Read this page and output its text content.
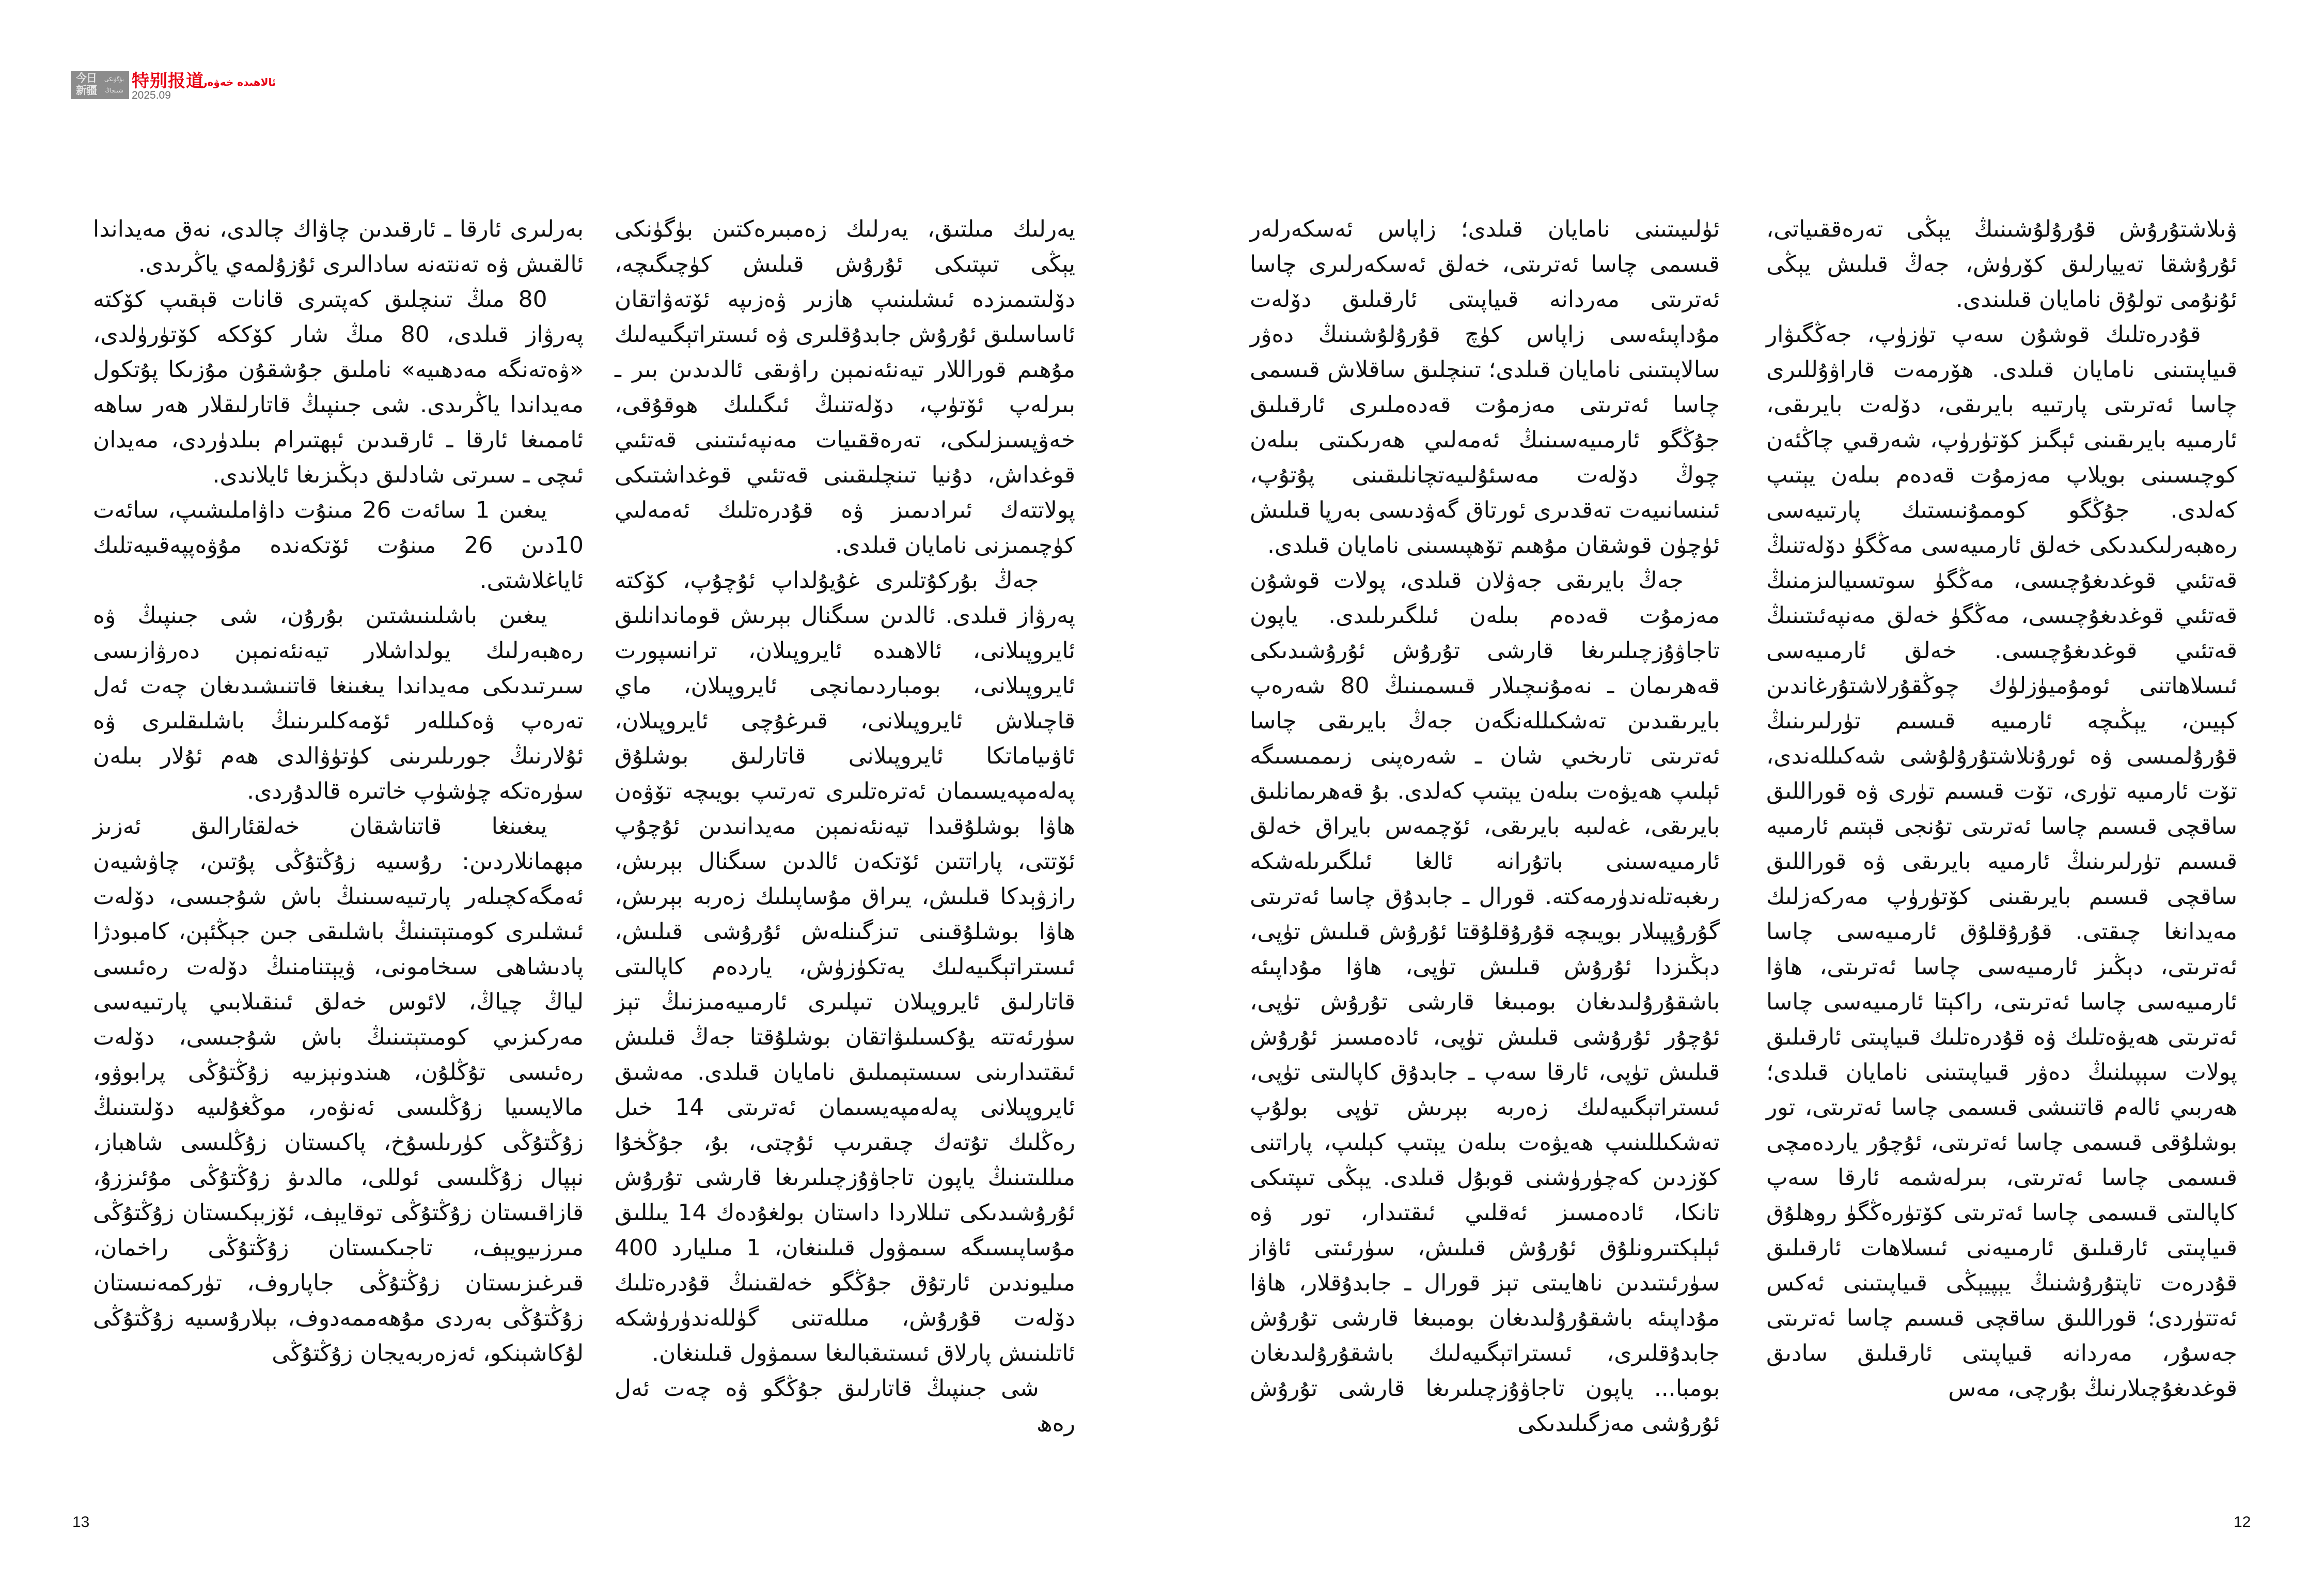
今日新疆
بۈگۈنكى شىنجاڭ 特别报道
ئالاھىدە خەۋەر
2025.09

بەرلىرى ئارقا ـ ئارقىدىن چاۋاك چالدى، نەق مەيداندا ئالقىش ۋە تەنتەنە سادالىرى ئۇزۇلمەي ياڭرىدى.

80 مىڭ تىنچلىق كەپتىرى قانات قېقىپ كۆكتە پەرۋاز قىلدى، 80 مىڭ شار كۆككە كۆتۈرۈلدى، «ۋەتەنگە مەدھىيە» ناملىق جۇشقۇن مۇزىكا پۇتكول مەيداندا ياڭرىدى. شى جىنپىڭ قاتارلىقلار ھەر ساھە ئاممىغا ئارقا ـ ئارقىدىن ئېھتىرام بىلدۈردى، مەيدان ئىچى ـ سىرتى شادلىق دېڭىزىغا ئايلاندى.

يىغىن 1 سائەت 26 مىنۇت داۋاملىشىپ، سائەت 10دىن 26 مىنۇت ئۆتكەندە مۇۋەپپەقىيەتلىك ئاياغلاشتى.

يىغىن باشلىنىشتىن بۇرۇن، شى جىنپىڭ ۋە رەھبەرلىك يولداشلار تيەنئەنمېن دەرۋازىسى سىرتىدىكى مەيداندا يىغىنغا قاتنىشىدىغان چەت ئەل تەرەپ ۋەكىللەر ئۆمەكلىرىنىڭ باشلىقلىرى ۋە ئۇلارنىڭ جورىلىرىنى كۈتۈۋالدى ھەم ئۇلار بىلەن سۈرەتكە چۈشۈپ خاتىرە قالدۇردى.

يىغىنغا قاتناشقان خەلقئارالىق ئەزىز مېھمانلاردىن: رۇسىيە زۇڭتۇڭى پۇتىن، چاۋشيەن ئەمگەكچىلەر پارتىيەسىنىڭ باش شۇجىسى، دۆلەت ئىشلىرى كومىتېتىنىڭ باشلىقى جىن جېڭئېن، كامبودژا پادىشاھى سىخامونى، ۋيېتنامنىڭ دۆلەت رەئىسى لياڭ چياڭ، لائوس خەلق ئىنقىلابىي پارتىيەسى مەركىزىي كومىتېتىنىڭ باش شۇجىسى، دۆلەت رەئىسى تۇڭلۇن، ھىندونېزىيە زۇڭتۇڭى پرابوۋو، مالايسىيا زۇڭلىسى ئەنۋەر، موڭغۇلىيە دۆلىتىنىڭ زۇڭتۇڭى كۈرىلسۇخ، پاكىستان زۇڭلىسى شاھباز، نېپال زۇڭلىسى ئوللى، مالدىۋ زۇڭتۇڭى مۇئىززۇ، قازاقىستان زۇڭتۇڭى توقايېف، ئۆزبېكىستان زۇڭتۇڭى مىرزىيويېف، تاجىكىستان زۇڭتۇڭى راخمان، قىرغىزىستان زۇڭتۇڭى جاپاروف، تۈركمەنىستان زۇڭتۇڭى بەردى مۇھەممەدوف، بېلارۇسىيە زۇڭتۇڭى لۇكاشېنكو، ئەزەربەيجان زۇڭتۇڭى

يەرلىك مىلتىق، يەرلىك زەمبىرەكتىن بۈگۈنكى يېڭى تىپتىكى ئۇرۇش قىلىش كۈچىگىچە، دۆلىتىمىزدە ئىشلىنىپ ھازىر ۋەزىپە ئۆتەۋاتقان ئاساسلىق ئۇرۇش جابدۇقلىرى ۋە ئىستراتېگىيەلىك مۇھىم قوراللار تيەنئەنمېن راۋىقى ئالدىدىن بىر ـ بىرلەپ ئۆتۈپ، دۆلەتنىڭ ئىگىلىك ھوقۇقى، خەۋپسىزلىكى، تەرەققىيات مەنپەئىتىنى قەتئىي قوغداش، دۇنيا تىنچلىقىنى قەتئىي قوغداشتىكى پولاتتەك ئىرادىمىز ۋە قۇدرەتلىك ئەمەلىي كۈچىمىزنى نامايان قىلدى.

جەڭ بۇركۇتلىرى غۇيۇلداپ ئۇچۇپ، كۆكتە پەرۋاز قىلدى. ئالدىن سىگنال بېرىش قوماندانلىق ئايروپىلانى، ئالاھىدە ئايروپىلان، ترانسپورت ئايروپىلانى، بومباردىمانچى ئايروپىلان، ماي قاچىلاش ئايروپىلانى، قىرغۇچى ئايروپىلان، ئاۋىياماتكا ئايروپىلانى قاتارلىق بوشلۇق پەلەمپەيسىمان ئەترەتلىرى تەرتىپ بويىچە تۆۋەن ھاۋا بوشلۇقىدا تيەنئەنمېن مەيدانىدىن ئۇچۇپ ئۆتتى، پاراتتىن ئۆتكەن ئالدىن سىگنال بېرىش، رازۋېدكا قىلىش، يىراق مۇساپىلىك زەربە بېرىش، ھاۋا بوشلۇقىنى تىزگىنلەش ئۇرۇشى قىلىش، ئىستراتېگىيەلىك يەتكۈزۈش، ياردەم كاپالىتى قاتارلىق ئايروپىلان تىپلىرى ئارمىيەمىزنىڭ تېز سۈرئەتتە يۇكسىلىۋاتقان بوشلۇقتا جەڭ قىلىش ئىقتىدارىنى سىستېمىلىق نامايان قىلدى. مەشىق ئايروپىلانى پەلەمپەيسىمان ئەترىتى 14 خىل رەڭلىك تۇتەك چىقىرىپ ئۇچتى، بۇ، جۇڭخۇا مىللىتىنىڭ ياپون تاجاۋۇزچىلىرىغا قارشى تۇرۇش ئۇرۇشىدىكى تىللاردا داستان بولغۇدەك 14 يىللىق مۇساپىسىگە سىمۋول قىلىنغان، 1 مىليارد 400 مىليوندىن ئارتۇق جۇڭگو خەلقىنىڭ قۇدرەتلىك دۆلەت قۇرۇش، مىللەتنى گۈللەندۈرۈشكە ئاتلىنىش پارلاق ئىستىقبالىغا سىمۋول قىلىنغان.

شى جىنپىڭ قاتارلىق جۇڭگو ۋە چەت ئەل رەھ

ئۈلىيىتىنى نامايان قىلدى؛ زاپاس ئەسكەرلەر قىسمى چاسا ئەترىتى، خەلق ئەسكەرلىرى چاسا ئەترىتى مەردانە قىياپىتى ئارقىلىق دۆلەت مۇداپىئەسى زاپاس كۈچ قۇرۇلۇشىنىڭ دەۋر سالاپىتىنى نامايان قىلدى؛ تىنچلىق ساقلاش قىسمى چاسا ئەترىتى مەزمۇت قەدەملىرى ئارقىلىق جۇڭگو ئارمىيەسىنىڭ ئەمەلىي ھەرىكىتى بىلەن چوڭ دۆلەت مەسئۇلىيەتچانلىقىنى پۇتۇپ، ئىنسانىيەت تەقدىرى ئورتاق گەۋدىسى بەرپا قىلىش ئۈچۈن قوشقان مۇھىم تۆھپىسىنى نامايان قىلدى.

جەڭ بايرىقى جەۋلان قىلدى، پولات قوشۇن مەزمۇت قەدەم بىلەن ئىلگىرىلىدى. ياپون تاجاۋۇزچىلىرىغا قارشى تۇرۇش ئۇرۇشىدىكى قەھرىمان ـ نەمۇنىچىلار قىسمىنىڭ 80 شەرەپ بايرىقىدىن تەشكىللەنگەن جەڭ بايرىقى چاسا ئەترىتى تارىخىي شان ـ شەرەپنى زىممىسىگە ئېلىپ ھەيۋەت بىلەن يېتىپ كەلدى. بۇ قەھرىمانلىق بايرىقى، غەلىبە بايرىقى، ئۆچمەس بايراق خەلق ئارمىيەسىنى باتۇرانە ئالغا ئىلگىرىلەشكە رىغبەتلەندۈرمەكتە. قورال ـ جابدۇق چاسا ئەترىتى گۇرۇپپىلار بويىچە قۇرۇقلۇقتا ئۇرۇش قىلىش تۈپى، دېڭىزدا ئۇرۇش قىلىش تۈپى، ھاۋا مۇداپىئە باشقۇرۇلىدىغان بومبىغا قارشى تۇرۇش تۈپى، ئۇچۇر ئۇرۇشى قىلىش تۈپى، ئادەمسىز ئۇرۇش قىلىش تۈپى، ئارقا سەپ ـ جابدۇق كاپالىتى تۈپى، ئىستراتېگىيەلىك زەربە بېرىش تۈپى بولۇپ تەشكىللىنىپ ھەيۋەت بىلەن يېتىپ كېلىپ، پاراتنى كۆزدىن كەچۈرۈشنى قوبۇل قىلدى. يېڭى تىپتىكى تانكا، ئادەمسىز ئەقلىي ئىقتىدار، تور ۋە ئېلېكتىرونلۇق ئۇرۇش قىلىش، سۈرئىتى ئاۋاز سۈرئىتىدىن ناھايىتى تېز قورال ـ جابدۇقلار، ھاۋا مۇداپىئە باشقۇرۇلىدىغان بومبىغا قارشى تۇرۇش جابدۇقلىرى، ئىستراتېگىيەلىك باشقۇرۇلىدىغان بومبا... ياپون تاجاۋۇزچىلىرىغا قارشى تۇرۇش ئۇرۇشى مەزگىلىدىكى

ۋىلاشتۇرۇش قۇرۇلۇشىنىڭ يېڭى تەرەققىياتى، ئۇرۇشقا تەييارلىق كۆرۈش، جەڭ قىلىش يېڭى ئۇنۇمى تولۇق نامايان قىلىندى.

قۇدرەتلىك قوشۇن سەپ تۈزۈپ، جەڭگىۋار قىياپىتىنى نامايان قىلدى. ھۆرمەت قاراۋۇللىرى چاسا ئەترىتى پارتىيە بايرىقى، دۆلەت بايرىقى، ئارمىيە بايرىقىنى ئېگىز كۆتۈرۈپ، شەرقىي چاڭئەن كوچىسىنى بويلاپ مەزمۇت قەدەم بىلەن يېتىپ كەلدى. جۇڭگو كوممۇنىستىك پارتىيەسى رەھبەرلىكىدىكى خەلق ئارمىيەسى مەڭگۈ دۆلەتنىڭ قەتئىي قوغدىغۇچىسى، مەڭگۈ سوتسىيالىزمنىڭ قەتئىي قوغدىغۇچىسى، مەڭگۈ خەلق مەنپەئىتىنىڭ قەتئىي قوغدىغۇچىسى. خەلق ئارمىيەسى ئىسلاھاتنى ئومۇميۈزلۈك چوڭقۇرلاشتۇرغاندىن كېيىن، يېڭىچە ئارمىيە قىسىم تۈرلىرىنىڭ قۇرۇلمىسى ۋە ئورۇنلاشتۇرۇلۇشى شەكىللەندى، تۆت ئارمىيە تۈرى، تۆت قىسىم تۈرى ۋە قوراللىق ساقچى قىسىم چاسا ئەترىتى تۇنجى قېتىم ئارمىيە قىسىم تۈرلىرىنىڭ ئارمىيە بايرىقى ۋە قوراللىق ساقچى قىسىم بايرىقىنى كۆتۈرۈپ مەركەزلىك مەيدانغا چىقتى. قۇرۇقلۇق ئارمىيەسى چاسا ئەترىتى، دېڭىز ئارمىيەسى چاسا ئەترىتى، ھاۋا ئارمىيەسى چاسا ئەترىتى، راكېتا ئارمىيەسى چاسا ئەترىتى ھەيۋەتلىك ۋە قۇدرەتلىك قىياپىتى ئارقىلىق پولات سېپىلنىڭ دەۋر قىياپىتىنى نامايان قىلدى؛ ھەربىي ئالەم قاتنىشى قىسمى چاسا ئەترىتى، تور بوشلۇقى قىسمى چاسا ئەترىتى، ئۇچۇر ياردەمچى قىسمى چاسا ئەترىتى، بىرلەشمە ئارقا سەپ كاپالىتى قىسمى چاسا ئەترىتى كۆتۈرەڭگۈ روھلۇق قىياپىتى ئارقىلىق ئارمىيەنى ئىسلاھات ئارقىلىق قۇدرەت تاپتۇرۇشنىڭ يېپيېڭى قىياپىتىنى ئەكس ئەتتۈردى؛ قوراللىق ساقچى قىسىم چاسا ئەترىتى جەسۇر، مەردانە قىياپىتى ئارقىلىق سادىق قوغدىغۇچىلارنىڭ بۇرچى، مەس

13	12
